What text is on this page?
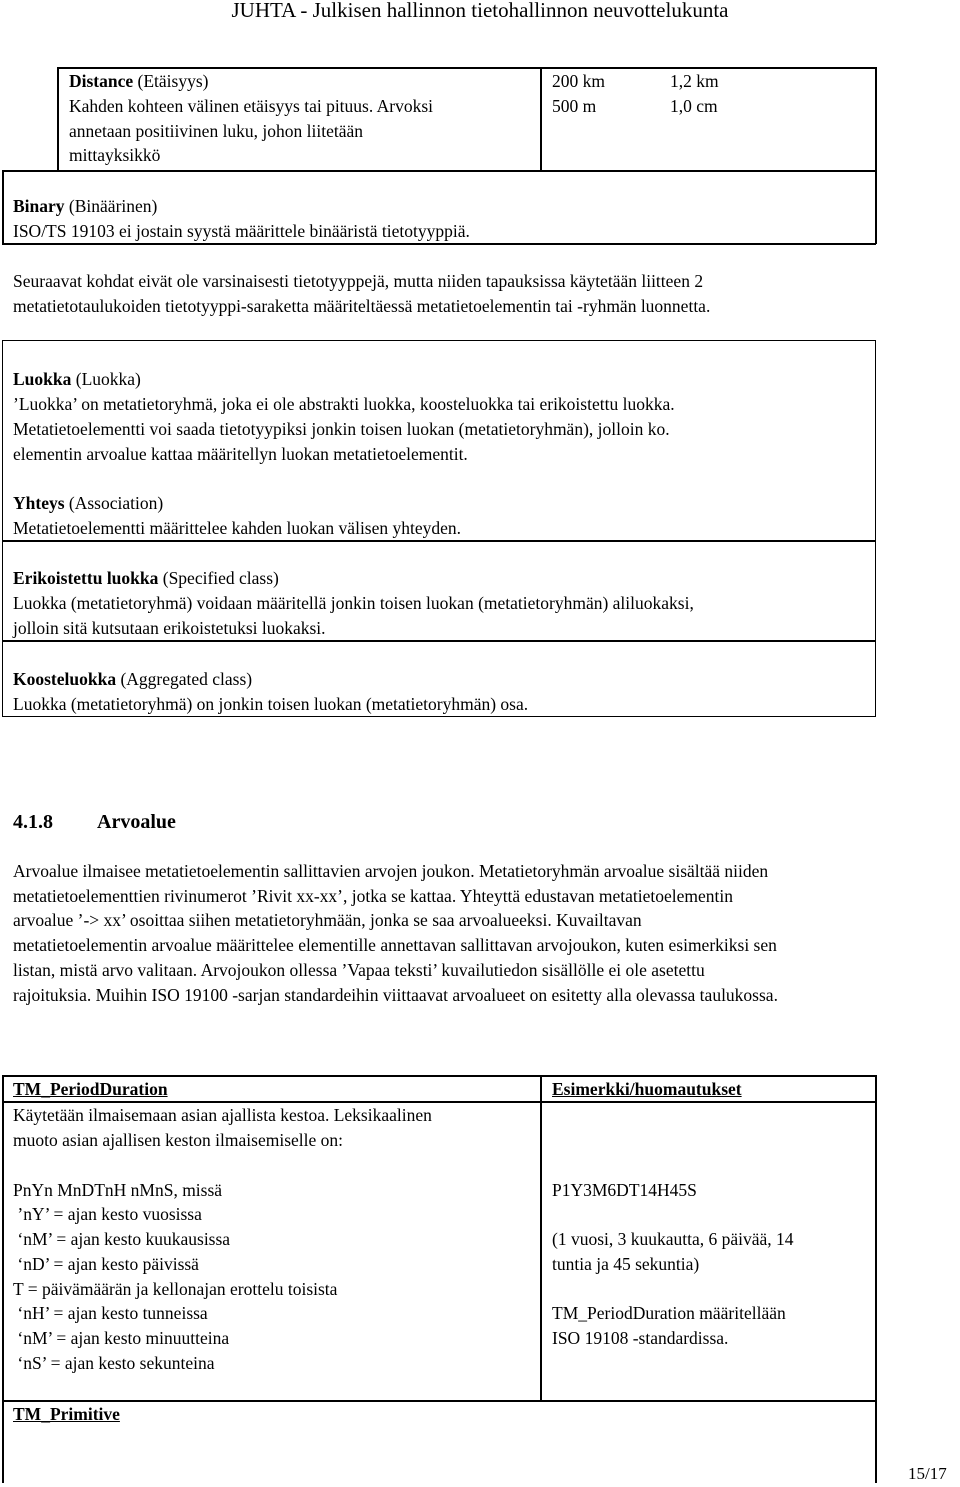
JUHTA - Julkisen hallinnon tietohallinnon neuvottelukunta
Distance (Etäisyys)
Kahden kohteen välinen etäisyys tai pituus. Arvoksi
annetaan positiivinen luku, johon liitetään
mittayksikkö
200 km
500 m
1,2 km
1,0 cm
Binary (Binäärinen)
ISO/TS 19103 ei jostain syystä määrittele binääristä tietotyyppiä.
Seuraavat kohdat eivät ole varsinaisesti tietotyyppejä, mutta niiden tapauksissa käytetään liitteen 2
metatietotaulukoiden tietotyyppi-saraketta määriteltäessä metatietoelementin tai -ryhmän luonnetta.
Luokka (Luokka)
’Luokka’ on metatietoryhmä, joka ei ole abstrakti luokka, koosteluokka tai erikoistettu luokka.
Metatietoelementti voi saada tietotyypiksi jonkin toisen luokan (metatietoryhmän), jolloin ko.
elementin arvoalue kattaa määritellyn luokan metatietoelementit.
Yhteys (Association)
Metatietoelementti määrittelee kahden luokan välisen yhteyden.
Erikoistettu luokka (Specified class)
Luokka (metatietoryhmä) voidaan määritellä jonkin toisen luokan (metatietoryhmän) aliluokaksi,
jolloin sitä kutsutaan erikoistetuksi luokaksi.
Koosteluokka (Aggregated class)
Luokka (metatietoryhmä) on jonkin toisen luokan (metatietoryhmän) osa.
4.1.8 Arvoalue
Arvoalue ilmaisee metatietoelementin sallittavien arvojen joukon. Metatietoryhmän arvoalue sisältää niiden
metatietoelementtien rivinumerot ’Rivit xx-xx’, jotka se kattaa. Yhteyttä edustavan metatietoelementin
arvoalue ’-> xx’ osoittaa siihen metatietoryhmään, jonka se saa arvoalueeksi. Kuvailtavan
metatietoelementin arvoalue määrittelee elementille annettavan sallittavan arvojoukon, kuten esimerkiksi sen
listan, mistä arvo valitaan. Arvojoukon ollessa ’Vapaa teksti’ kuvailutiedon sisällölle ei ole asetettu
rajoituksia. Muihin ISO 19100 -sarjan standardeihin viittaavat arvoalueet on esitetty alla olevassa taulukossa.
TM_PeriodDuration	Esimerkki/huomautukset
Käytetään ilmaisemaan asian ajallista kestoa. Leksikaalinen
muoto asian ajallisen keston ilmaisemiselle on:
PnYn MnDTnH nMnS, missä
’nY’ = ajan kesto vuosissa
‘nM’ = ajan kesto kuukausissa
‘nD’ = ajan kesto päivissä
T = päivämäärän ja kellonajan erottelu toisista
‘nH’ = ajan kesto tunneissa
‘nM’ = ajan kesto minuutteina
‘nS’ = ajan kesto sekunteina
P1Y3M6DT14H45S
(1 vuosi, 3 kuukautta, 6 päivää, 14
tuntia ja 45 sekuntia)
TM_PeriodDuration määritellään
ISO 19108 -standardissa.
TM_Primitive
15/17
